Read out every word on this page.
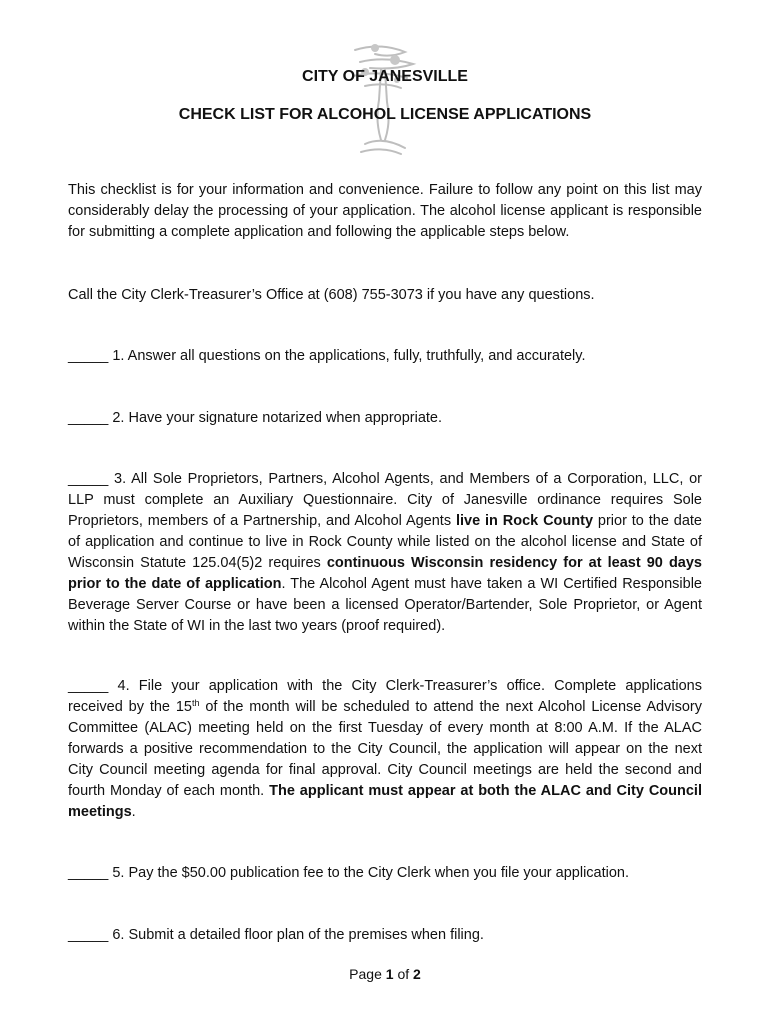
CITY OF JANESVILLE
CHECK LIST FOR ALCOHOL LICENSE APPLICATIONS
This checklist is for your information and convenience. Failure to follow any point on this list may considerably delay the processing of your application. The alcohol license applicant is responsible for submitting a complete application and following the applicable steps below.
Call the City Clerk-Treasurer’s Office at (608) 755-3073 if you have any questions.
_____ 1. Answer all questions on the applications, fully, truthfully, and accurately.
_____ 2. Have your signature notarized when appropriate.
_____ 3. All Sole Proprietors, Partners, Alcohol Agents, and Members of a Corporation, LLC, or LLP must complete an Auxiliary Questionnaire. City of Janesville ordinance requires Sole Proprietors, members of a Partnership, and Alcohol Agents live in Rock County prior to the date of application and continue to live in Rock County while listed on the alcohol license and State of Wisconsin Statute 125.04(5)2 requires continuous Wisconsin residency for at least 90 days prior to the date of application. The Alcohol Agent must have taken a WI Certified Responsible Beverage Server Course or have been a licensed Operator/Bartender, Sole Proprietor, or Agent within the State of WI in the last two years (proof required).
_____ 4. File your application with the City Clerk-Treasurer’s office. Complete applications received by the 15th of the month will be scheduled to attend the next Alcohol License Advisory Committee (ALAC) meeting held on the first Tuesday of every month at 8:00 A.M. If the ALAC forwards a positive recommendation to the City Council, the application will appear on the next City Council meeting agenda for final approval. City Council meetings are held the second and fourth Monday of each month. The applicant must appear at both the ALAC and City Council meetings.
_____ 5. Pay the $50.00 publication fee to the City Clerk when you file your application.
_____ 6. Submit a detailed floor plan of the premises when filing.
Page 1 of 2
